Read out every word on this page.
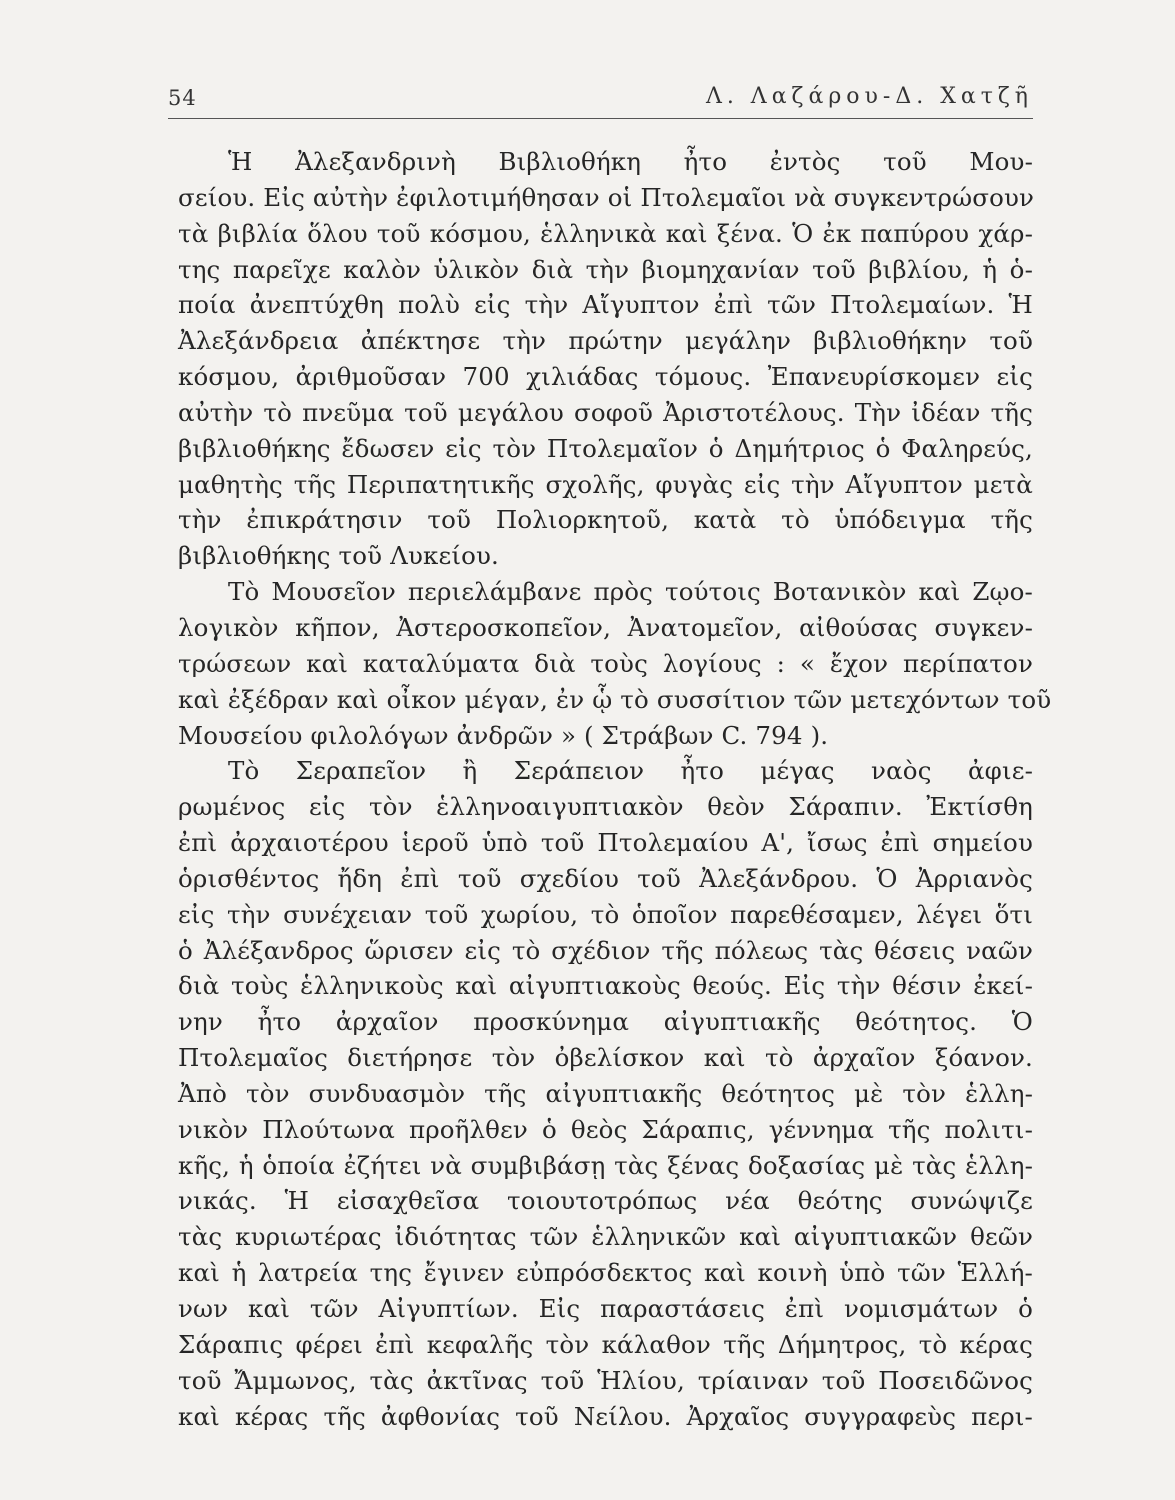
54	Λ. Λαζάρου-Δ. Χατζῆ
Ἡ Ἀλεξανδρινὴ Βιβλιοθήκη ἦτο ἐντὸς τοῦ Μου-
σείου. Εἰς αὐτὴν ἐφιλοτιμήθησαν οἱ Πτολεμαῖοι νὰ συγκεντρώσουν
τὰ βιβλία ὅλου τοῦ κόσμου, ἑλληνικὰ καὶ ξένα. Ὁ ἐκ παπύρου χάρ-
της παρεῖχε καλὸν ὑλικὸν διὰ τὴν βιομηχανίαν τοῦ βιβλίου, ἡ ὁ-
ποία ἀνεπτύχθη πολὺ εἰς τὴν Αἴγυπτον ἐπὶ τῶν Πτολεμαίων. Ἡ
Ἀλεξάνδρεια ἀπέκτησε τὴν πρώτην μεγάλην βιβλιοθήκην τοῦ
κόσμου, ἀριθμοῦσαν 700 χιλιάδας τόμους. Ἐπανευρίσκομεν εἰς
αὐτὴν τὸ πνεῦμα τοῦ μεγάλου σοφοῦ Ἀριστοτέλους. Τὴν ἰδέαν τῆς
βιβλιοθήκης ἔδωσεν εἰς τὸν Πτολεμαῖον ὁ Δημήτριος ὁ Φαληρεύς,
μαθητὴς τῆς Περιπατητικῆς σχολῆς, φυγὰς εἰς τὴν Αἴγυπτον μετὰ
τὴν ἐπικράτησιν τοῦ Πολιορκητοῦ, κατὰ τὸ ὑπόδειγμα τῆς
βιβλιοθήκης τοῦ Λυκείου.
Τὸ Μουσεῖον περιελάμβανε πρὸς τούτοις Βοτανικὸν καὶ Ζῳο-
λογικὸν κῆπον, Ἀστεροσκοπεῖον, Ἀνατομεῖον, αἰθούσας συγκεν-
τρώσεων καὶ καταλύματα διὰ τοὺς λογίους : « ἔχον περίπατον
καὶ ἐξέδραν καὶ οἶκον μέγαν, ἐν ᾧ τὸ συσσίτιον τῶν μετεχόντων τοῦ
Μουσείου φιλολόγων ἀνδρῶν » ( Στράβων C. 794 ).
Τὸ Σεραπεῖον ἢ Σεράπειον ἦτο μέγας ναὸς ἀφιε-
ρωμένος εἰς τὸν ἑλληνοαιγυπτιακὸν θεὸν Σάραπιν. Ἐκτίσθη
ἐπὶ ἀρχαιοτέρου ἱεροῦ ὑπὸ τοῦ Πτολεμαίου Α', ἴσως ἐπὶ σημείου
ὁρισθέντος ἤδη ἐπὶ τοῦ σχεδίου τοῦ Ἀλεξάνδρου. Ὁ Ἀρριανὸς
εἰς τὴν συνέχειαν τοῦ χωρίου, τὸ ὁποῖον παρεθέσαμεν, λέγει ὅτι
ὁ Ἀλέξανδρος ὥρισεν εἰς τὸ σχέδιον τῆς πόλεως τὰς θέσεις ναῶν
διὰ τοὺς ἑλληνικοὺς καὶ αἰγυπτιακοὺς θεούς. Εἰς τὴν θέσιν ἐκεί-
νην ἦτο ἀρχαῖον προσκύνημα αἰγυπτιακῆς θεότητος. Ὁ
Πτολεμαῖος διετήρησε τὸν ὀβελίσκον καὶ τὸ ἀρχαῖον ξόανον.
Ἀπὸ τὸν συνδυασμὸν τῆς αἰγυπτιακῆς θεότητος μὲ τὸν ἑλλη-
νικὸν Πλούτωνα προῆλθεν ὁ θεὸς Σάραπις, γέννημα τῆς πολιτι-
κῆς, ἡ ὁποία ἐζήτει νὰ συμβιβάσῃ τὰς ξένας δοξασίας μὲ τὰς ἑλλη-
νικάς. Ἡ εἰσαχθεῖσα τοιουτοτρόπως νέα θεότης συνώψιζε
τὰς κυριωτέρας ἰδιότητας τῶν ἑλληνικῶν καὶ αἰγυπτιακῶν θεῶν
καὶ ἡ λατρεία της ἔγινεν εὐπρόσδεκτος καὶ κοινὴ ὑπὸ τῶν Ἑλλή-
νων καὶ τῶν Αἰγυπτίων. Εἰς παραστάσεις ἐπὶ νομισμάτων ὁ
Σάραπις φέρει ἐπὶ κεφαλῆς τὸν κάλαθον τῆς Δήμητρος, τὸ κέρας
τοῦ Ἄμμωνος, τὰς ἀκτῖνας τοῦ Ἡλίου, τρίαιναν τοῦ Ποσειδῶνος
καὶ κέρας τῆς ἀφθονίας τοῦ Νείλου. Ἀρχαῖος συγγραφεὺς περι-
